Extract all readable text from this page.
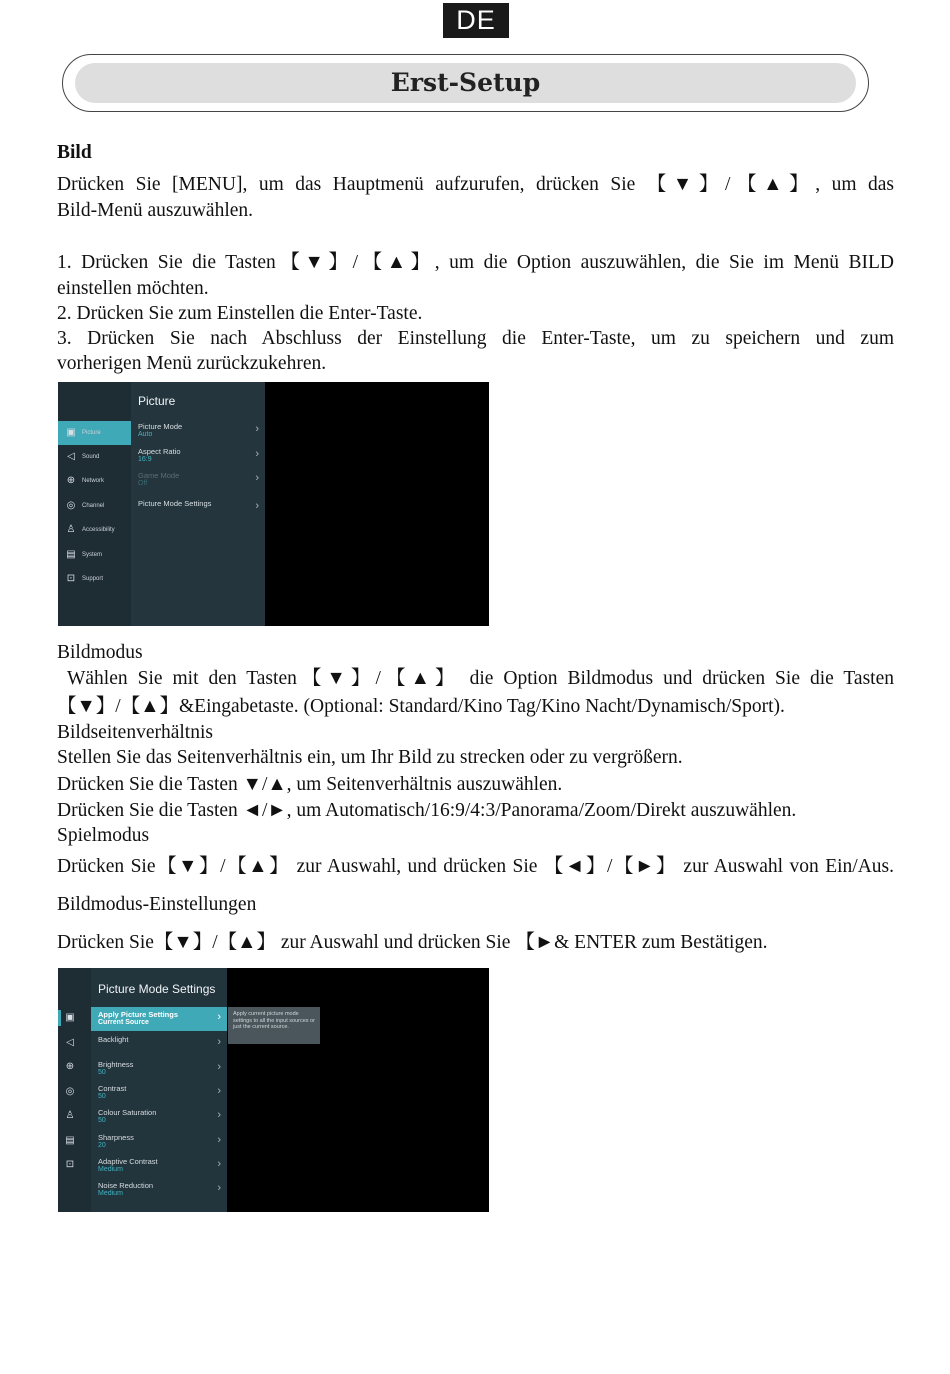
DE
Erst-Setup
Bild
Drücken Sie [MENU], um das Hauptmenü aufzurufen, drücken Sie 【▼】/【▲】, um das
Bild-Menü auszuwählen.
1. Drücken Sie die Tasten【▼】/【▲】, um die Option auszuwählen, die Sie im Menü BILD
einstellen möchten.
2. Drücken Sie zum Einstellen die Enter-Taste.
3. Drücken Sie nach Abschluss der Einstellung die Enter-Taste, um zu speichern und zum
vorherigen Menü zurückzukehren.
▣ Picture
◁	Sound
⊕	Network
◎ Channel
♙ Accessibility
▤ System
⊡	Support
Picture
Picture Mode
Auto	›
Aspect Ratio
16:9	›
Game Mode
Off	›
Picture Mode Settings	›
Bildmodus
Wählen Sie mit den Tasten【▼】/【▲】 die Option Bildmodus und drücken Sie die Tasten
【▼】/【▲】&Eingabetaste. (Optional: Standard/Kino Tag/Kino Nacht/Dynamisch/Sport).
Bildseitenverhältnis
Stellen Sie das Seitenverhältnis ein, um Ihr Bild zu strecken oder zu vergrößern.
Drücken Sie die Tasten ▼/▲, um Seitenverhältnis auszuwählen.
Drücken Sie die Tasten ◄/►, um Automatisch/16:9/4:3/Panorama/Zoom/Direkt auszuwählen.
Spielmodus
Drücken Sie【▼】/【▲】 zur Auswahl, und drücken Sie 【◄】/【►】 zur Auswahl von Ein/Aus.
Bildmodus-Einstellungen
Drücken Sie【▼】/【▲】 zur Auswahl und drücken Sie 【►& ENTER zum Bestätigen.
▣
◁
⊕
◎
♙
▤
⊡
Picture Mode Settings
Apply Picture Settings
Current Source	›
Backlight	›
Brightness
50	›
Contrast
50	›
Colour Saturation
50	›
Sharpness
20	›
Adaptive Contrast
Medium	›
Noise Reduction
Medium	›
Apply current picture mode settings to all the input sources or just the current source.
